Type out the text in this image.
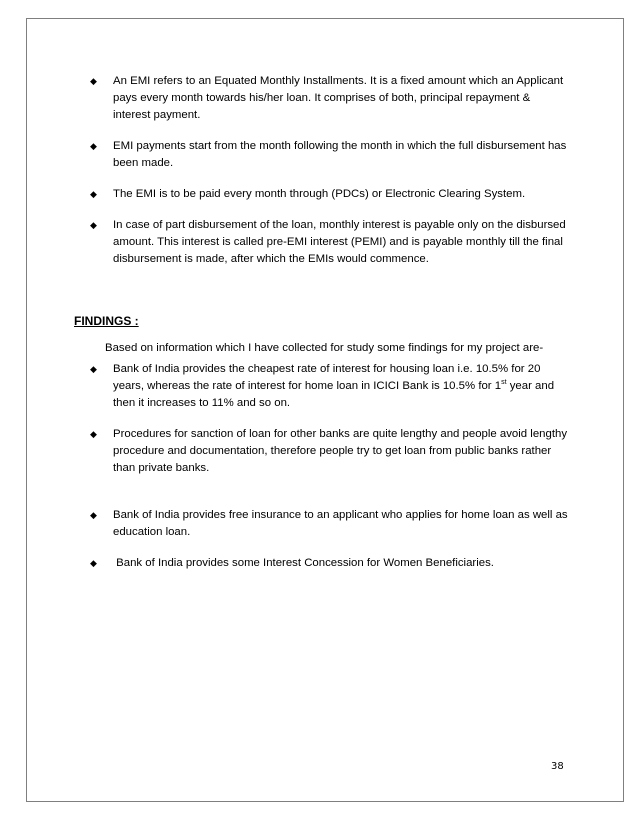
◆ An EMI refers to an Equated Monthly Installments. It is a fixed amount which an Applicant pays every month towards his/her loan. It comprises of both, principal repayment & interest payment.
◆ EMI payments start from the month following the month in which the full disbursement has been made.
◆ The EMI is to be paid every month through (PDCs) or Electronic Clearing System.
◆ In case of part disbursement of the loan, monthly interest is payable only on the disbursed amount. This interest is called pre-EMI interest (PEMI) and is payable monthly till the final disbursement is made, after which the EMIs would commence.
FINDINGS :
Based on information which I have collected for study some findings for my project are-
◆ Bank of India provides the cheapest rate of interest for housing loan i.e. 10.5% for 20 years, whereas the rate of interest for home loan in ICICI Bank is 10.5% for 1st year and then it increases to 11% and so on.
◆ Procedures for sanction of loan for other banks are quite lengthy and people avoid lengthy procedure and documentation, therefore people try to get loan from public banks rather than private banks.
◆ Bank of India provides free insurance to an applicant who applies for home loan as well as education loan.
◆ Bank of India provides some Interest Concession for Women Beneficiaries.
38
